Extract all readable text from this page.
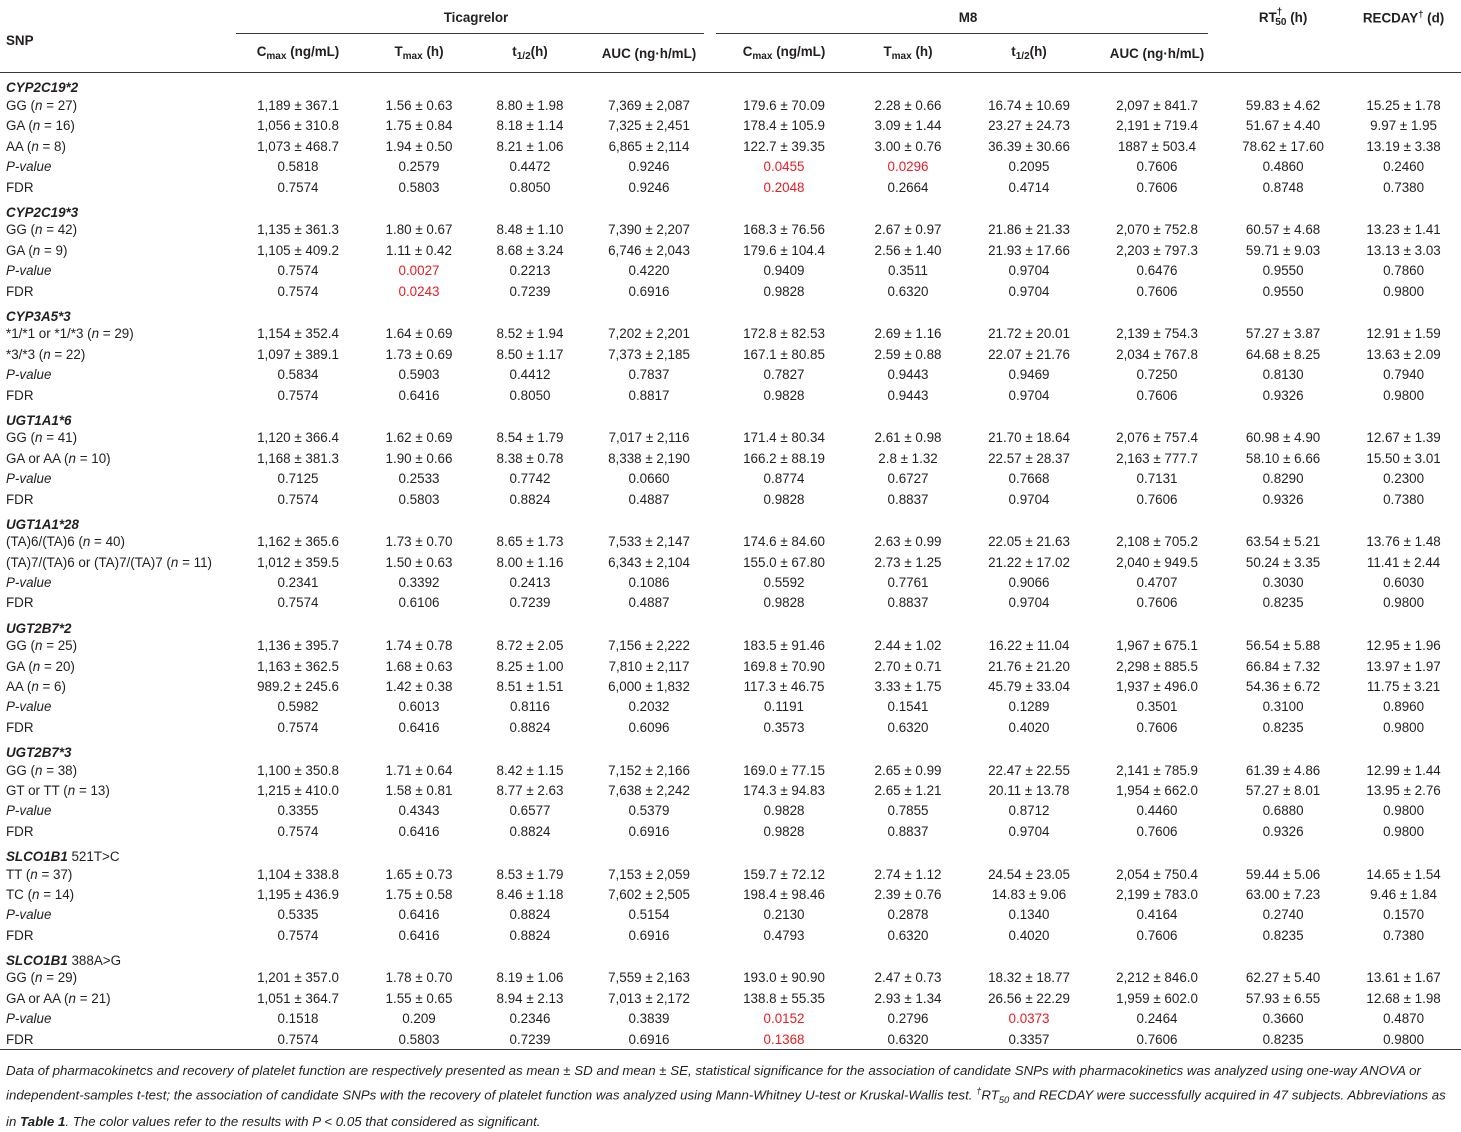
SNP	Ticagrelor				M8				$RT^\dagger_{50}$ (h)	RECDAY† (d)
	$C_{max}$ (ng/mL)	$T_{max}$ (h)	$t_{1/2}(h)$	AUC (ng·h/mL)	$C_{max}$ (ng/mL)	$T_{max}$ (h)	$t_{1/2}(h)$	AUC (ng·h/mL)		
CYP2C19*2										
GG (n = 27)	1,189 ± 367.1	1.56 ± 0.63	8.80 ± 1.98	7,369 ± 2,087	179.6 ± 70.09	2.28 ± 0.66	16.74 ± 10.69	2,097 ± 841.7	59.83 ± 4.62	15.25 ± 1.78
GA (n = 16)	1,056 ± 310.8	1.75 ± 0.84	8.18 ± 1.14	7,325 ± 2,451	178.4 ± 105.9	3.09 ± 1.44	23.27 ± 24.73	2,191 ± 719.4	51.67 ± 4.40	9.97 ± 1.95
AA (n = 8)	1,073 ± 468.7	1.94 ± 0.50	8.21 ± 1.06	6,865 ± 2,114	122.7 ± 39.35	3.00 ± 0.76	36.39 ± 30.66	1887 ± 503.4	78.62 ± 17.60	13.19 ± 3.38
P-value	0.5818	0.2579	0.4472	0.9246	0.0455	0.0296	0.2095	0.7606	0.4860	0.2460
FDR	0.7574	0.5803	0.8050	0.9246	0.2048	0.2664	0.4714	0.7606	0.8748	0.7380
CYP2C19*3										
GG (n = 42)	1,135 ± 361.3	1.80 ± 0.67	8.48 ± 1.10	7,390 ± 2,207	168.3 ± 76.56	2.67 ± 0.97	21.86 ± 21.33	2,070 ± 752.8	60.57 ± 4.68	13.23 ± 1.41
GA (n = 9)	1,105 ± 409.2	1.11 ± 0.42	8.68 ± 3.24	6,746 ± 2,043	179.6 ± 104.4	2.56 ± 1.40	21.93 ± 17.66	2,203 ± 797.3	59.71 ± 9.03	13.13 ± 3.03
P-value	0.7574	0.0027	0.2213	0.4220	0.9409	0.3511	0.9704	0.6476	0.9550	0.7860
FDR	0.7574	0.0243	0.7239	0.6916	0.9828	0.6320	0.9704	0.7606	0.9550	0.9800
CYP3A5*3										
*1/*1 or *1/*3 (n = 29)	1,154 ± 352.4	1.64 ± 0.69	8.52 ± 1.94	7,202 ± 2,201	172.8 ± 82.53	2.69 ± 1.16	21.72 ± 20.01	2,139 ± 754.3	57.27 ± 3.87	12.91 ± 1.59
*3/*3 (n = 22)	1,097 ± 389.1	1.73 ± 0.69	8.50 ± 1.17	7,373 ± 2,185	167.1 ± 80.85	2.59 ± 0.88	22.07 ± 21.76	2,034 ± 767.8	64.68 ± 8.25	13.63 ± 2.09
P-value	0.5834	0.5903	0.4412	0.7837	0.7827	0.9443	0.9469	0.7250	0.8130	0.7940
FDR	0.7574	0.6416	0.8050	0.8817	0.9828	0.9443	0.9704	0.7606	0.9326	0.9800
UGT1A1*6										
GG (n = 41)	1,120 ± 366.4	1.62 ± 0.69	8.54 ± 1.79	7,017 ± 2,116	171.4 ± 80.34	2.61 ± 0.98	21.70 ± 18.64	2,076 ± 757.4	60.98 ± 4.90	12.67 ± 1.39
GA or AA (n = 10)	1,168 ± 381.3	1.90 ± 0.66	8.38 ± 0.78	8,338 ± 2,190	166.2 ± 88.19	2.8 ± 1.32	22.57 ± 28.37	2,163 ± 777.7	58.10 ± 6.66	15.50 ± 3.01
P-value	0.7125	0.2533	0.7742	0.0660	0.8774	0.6727	0.7668	0.7131	0.8290	0.2300
FDR	0.7574	0.5803	0.8824	0.4887	0.9828	0.8837	0.9704	0.7606	0.9326	0.7380
UGT1A1*28										
(TA)6/(TA)6 (n = 40)	1,162 ± 365.6	1.73 ± 0.70	8.65 ± 1.73	7,533 ± 2,147	174.6 ± 84.60	2.63 ± 0.99	22.05 ± 21.63	2,108 ± 705.2	63.54 ± 5.21	13.76 ± 1.48
(TA)7/(TA)6 or (TA)7/(TA)7 (n = 11)	1,012 ± 359.5	1.50 ± 0.63	8.00 ± 1.16	6,343 ± 2,104	155.0 ± 67.80	2.73 ± 1.25	21.22 ± 17.02	2,040 ± 949.5	50.24 ± 3.35	11.41 ± 2.44
P-value	0.2341	0.3392	0.2413	0.1086	0.5592	0.7761	0.9066	0.4707	0.3030	0.6030
FDR	0.7574	0.6106	0.7239	0.4887	0.9828	0.8837	0.9704	0.7606	0.8235	0.9800
UGT2B7*2										
GG (n = 25)	1,136 ± 395.7	1.74 ± 0.78	8.72 ± 2.05	7,156 ± 2,222	183.5 ± 91.46	2.44 ± 1.02	16.22 ± 11.04	1,967 ± 675.1	56.54 ± 5.88	12.95 ± 1.96
GA (n = 20)	1,163 ± 362.5	1.68 ± 0.63	8.25 ± 1.00	7,810 ± 2,117	169.8 ± 70.90	2.70 ± 0.71	21.76 ± 21.20	2,298 ± 885.5	66.84 ± 7.32	13.97 ± 1.97
AA (n = 6)	989.2 ± 245.6	1.42 ± 0.38	8.51 ± 1.51	6,000 ± 1,832	117.3 ± 46.75	3.33 ± 1.75	45.79 ± 33.04	1,937 ± 496.0	54.36 ± 6.72	11.75 ± 3.21
P-value	0.5982	0.6013	0.8116	0.2032	0.1191	0.1541	0.1289	0.3501	0.3100	0.8960
FDR	0.7574	0.6416	0.8824	0.6096	0.3573	0.6320	0.4020	0.7606	0.8235	0.9800
UGT2B7*3										
GG (n = 38)	1,100 ± 350.8	1.71 ± 0.64	8.42 ± 1.15	7,152 ± 2,166	169.0 ± 77.15	2.65 ± 0.99	22.47 ± 22.55	2,141 ± 785.9	61.39 ± 4.86	12.99 ± 1.44
GT or TT (n = 13)	1,215 ± 410.0	1.58 ± 0.81	8.77 ± 2.63	7,638 ± 2,242	174.3 ± 94.83	2.65 ± 1.21	20.11 ± 13.78	1,954 ± 662.0	57.27 ± 8.01	13.95 ± 2.76
P-value	0.3355	0.4343	0.6577	0.5379	0.9828	0.7855	0.8712	0.4460	0.6880	0.9800
FDR	0.7574	0.6416	0.8824	0.6916	0.9828	0.8837	0.9704	0.7606	0.9326	0.9800
SLCO1B1 521T>C										
TT (n = 37)	1,104 ± 338.8	1.65 ± 0.73	8.53 ± 1.79	7,153 ± 2,059	159.7 ± 72.12	2.74 ± 1.12	24.54 ± 23.05	2,054 ± 750.4	59.44 ± 5.06	14.65 ± 1.54
TC (n = 14)	1,195 ± 436.9	1.75 ± 0.58	8.46 ± 1.18	7,602 ± 2,505	198.4 ± 98.46	2.39 ± 0.76	14.83 ± 9.06	2,199 ± 783.0	63.00 ± 7.23	9.46 ± 1.84
P-value	0.5335	0.6416	0.8824	0.5154	0.2130	0.2878	0.1340	0.4164	0.2740	0.1570
FDR	0.7574	0.6416	0.8824	0.6916	0.4793	0.6320	0.4020	0.7606	0.8235	0.7380
SLCO1B1 388A>G										
GG (n = 29)	1,201 ± 357.0	1.78 ± 0.70	8.19 ± 1.06	7,559 ± 2,163	193.0 ± 90.90	2.47 ± 0.73	18.32 ± 18.77	2,212 ± 846.0	62.27 ± 5.40	13.61 ± 1.67
GA or AA (n = 21)	1,051 ± 364.7	1.55 ± 0.65	8.94 ± 2.13	7,013 ± 2,172	138.8 ± 55.35	2.93 ± 1.34	26.56 ± 22.29	1,959 ± 602.0	57.93 ± 6.55	12.68 ± 1.98
P-value	0.1518	0.209	0.2346	0.3839	0.0152	0.2796	0.0373	0.2464	0.3660	0.4870
FDR	0.7574	0.5803	0.7239	0.6916	0.1368	0.6320	0.3357	0.7606	0.8235	0.9800
Data of pharmacokinetcs and recovery of platelet function are respectively presented as mean ± SD and mean ± SE, statistical significance for the association of candidate SNPs with pharmacokinetics was analyzed using one-way ANOVA or independent-samples t-test; the association of candidate SNPs with the recovery of platelet function was analyzed using Mann-Whitney U-test or Kruskal-Wallis test. $^\dagger RT_{50}$ and RECDAY were successfully acquired in 47 subjects. Abbreviations as in Table 1. The color values refer to the results with P < 0.05 that considered as significant.
